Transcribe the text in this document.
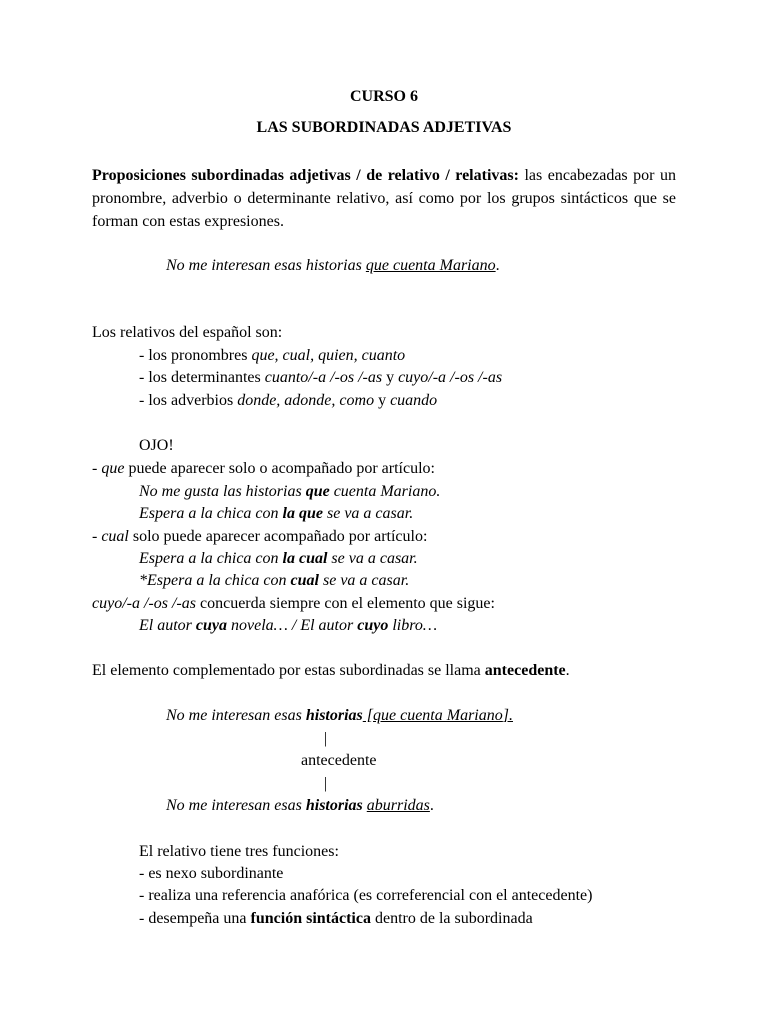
CURSO 6
LAS SUBORDINADAS ADJETIVAS
Proposiciones subordinadas adjetivas / de relativo / relativas: las encabezadas por un pronombre, adverbio o determinante relativo, así como por los grupos sintácticos que se forman con estas expresiones.
No me interesan esas historias que cuenta Mariano.
Los relativos del español son:
- los pronombres que, cual, quien, cuanto
- los determinantes cuanto/-a /-os /-as y cuyo/-a /-os /-as
- los adverbios donde, adonde, como y cuando
OJO!
- que puede aparecer solo o acompañado por artículo:
No me gusta las historias que cuenta Mariano.
Espera a la chica con la que se va a casar.
- cual solo puede aparecer acompañado por artículo:
Espera a la chica con la cual se va a casar.
*Espera a la chica con cual se va a casar.
cuyo/-a /-os /-as concuerda siempre con el elemento que sigue:
El autor cuya novela… / El autor cuyo libro…
El elemento complementado por estas subordinadas se llama antecedente.
No me interesan esas historias [que cuenta Mariano].
|
antecedente
|
No me interesan esas historias aburridas.
El relativo tiene tres funciones:
- es nexo subordinante
- realiza una referencia anafórica (es correferencial con el antecedente)
- desempeña una función sintáctica dentro de la subordinada
